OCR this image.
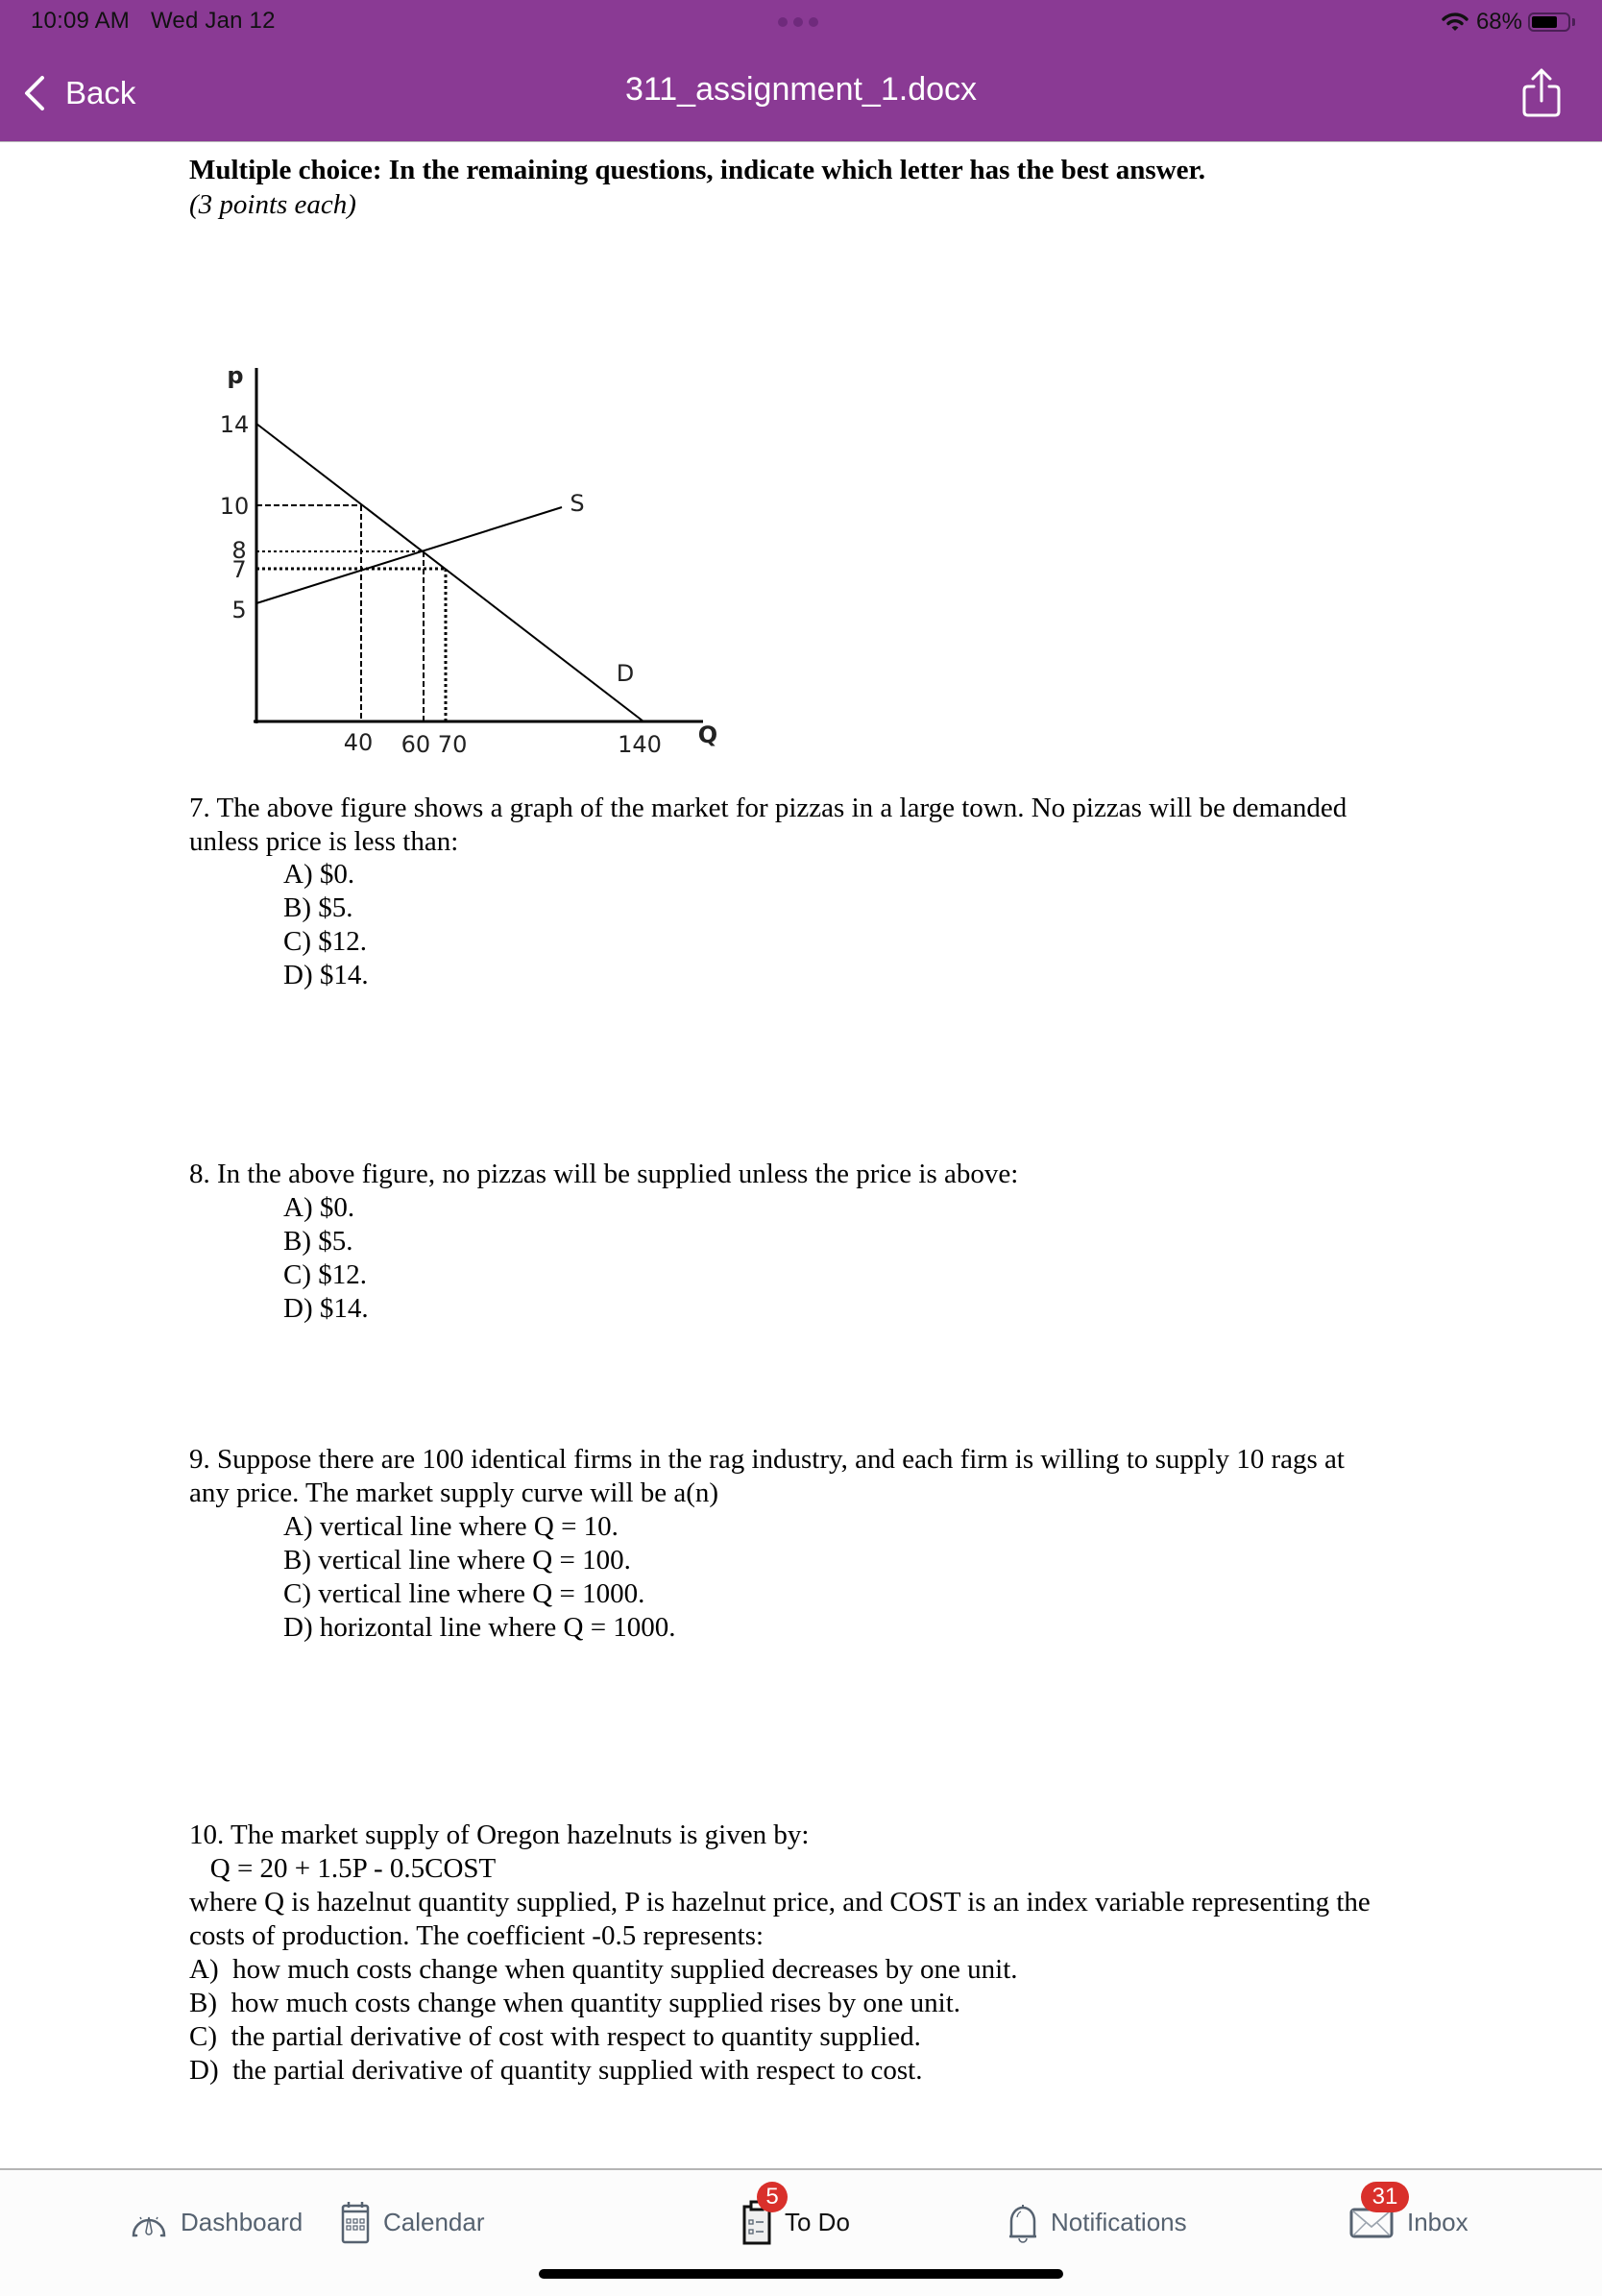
10:09 AM Wed Jan 12	68%
Back	311_assignment_1.docx
Multiple choice: In the remaining questions, indicate which letter has the best answer.
(3 points each)
p
14
10
8
7
5
40 60 70	140 Q
S
D
7. The above figure shows a graph of the market for pizzas in a large town. No pizzas will be demanded
unless price is less than:
A) $0.
B) $5.
C) $12.
D) $14.
8. In the above figure, no pizzas will be supplied unless the price is above:
A) $0.
B) $5.
C) $12.
D) $14.
9. Suppose there are 100 identical firms in the rag industry, and each firm is willing to supply 10 rags at
any price. The market supply curve will be a(n)
A) vertical line where Q = 10.
B) vertical line where Q = 100.
C) vertical line where Q = 1000.
D) horizontal line where Q = 1000.
10. The market supply of Oregon hazelnuts is given by:
Q = 20 + 1.5P - 0.5COST
where Q is hazelnut quantity supplied, P is hazelnut price, and COST is an index variable representing the
costs of production. The coefficient -0.5 represents:
A)  how much costs change when quantity supplied decreases by one unit.
B)  how much costs change when quantity supplied rises by one unit.
C)  the partial derivative of cost with respect to quantity supplied.
D)  the partial derivative of quantity supplied with respect to cost.
Dashboard	Calendar	To Do
5
Notifications	Inbox
31
